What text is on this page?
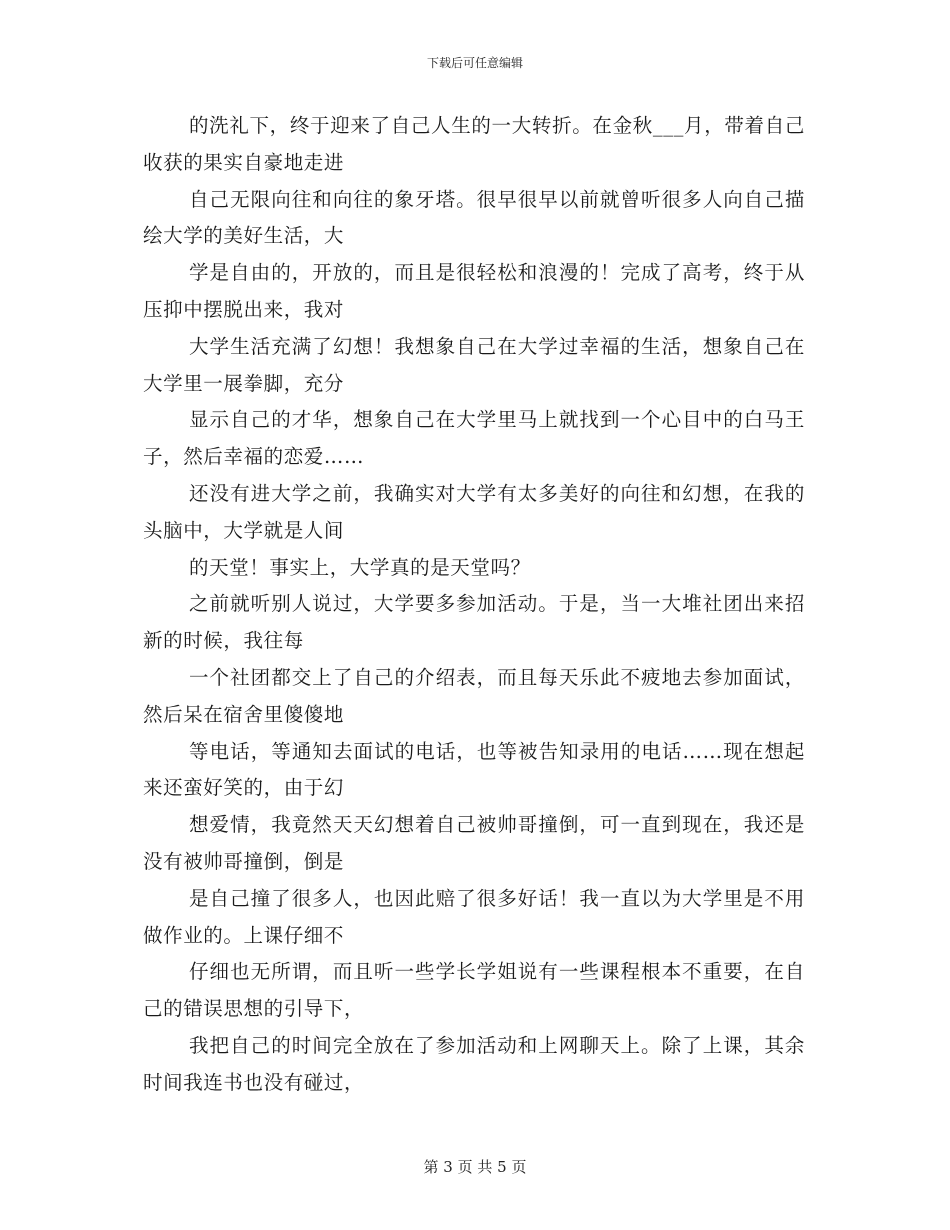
下载后可任意编辑

的洗礼下，终于迎来了自己人生的一大转折。在金秋___月，带着自己收获的果实自豪地走进

自己无限向往和向往的象牙塔。很早很早以前就曾听很多人向自己描绘大学的美好生活，大

学是自由的，开放的，而且是很轻松和浪漫的！完成了高考，终于从压抑中摆脱出来，我对

大学生活充满了幻想！我想象自己在大学过幸福的生活，想象自己在大学里一展拳脚，充分

显示自己的才华，想象自己在大学里马上就找到一个心目中的白马王子，然后幸福的恋爱……

还没有进大学之前，我确实对大学有太多美好的向往和幻想，在我的头脑中，大学就是人间

的天堂！事实上，大学真的是天堂吗？

之前就听别人说过，大学要多参加活动。于是，当一大堆社团出来招新的时候，我往每

一个社团都交上了自己的介绍表，而且每天乐此不疲地去参加面试，然后呆在宿舍里傻傻地

等电话，等通知去面试的电话，也等被告知录用的电话……现在想起来还蛮好笑的，由于幻

想爱情，我竟然天天幻想着自己被帅哥撞倒，可一直到现在，我还是没有被帅哥撞倒，倒是

是自己撞了很多人，也因此赔了很多好话！我一直以为大学里是不用做作业的。上课仔细不

仔细也无所谓，而且听一些学长学姐说有一些课程根本不重要，在自己的错误思想的引导下，

我把自己的时间完全放在了参加活动和上网聊天上。除了上课，其余时间我连书也没有碰过，

第 3 页 共 5 页
